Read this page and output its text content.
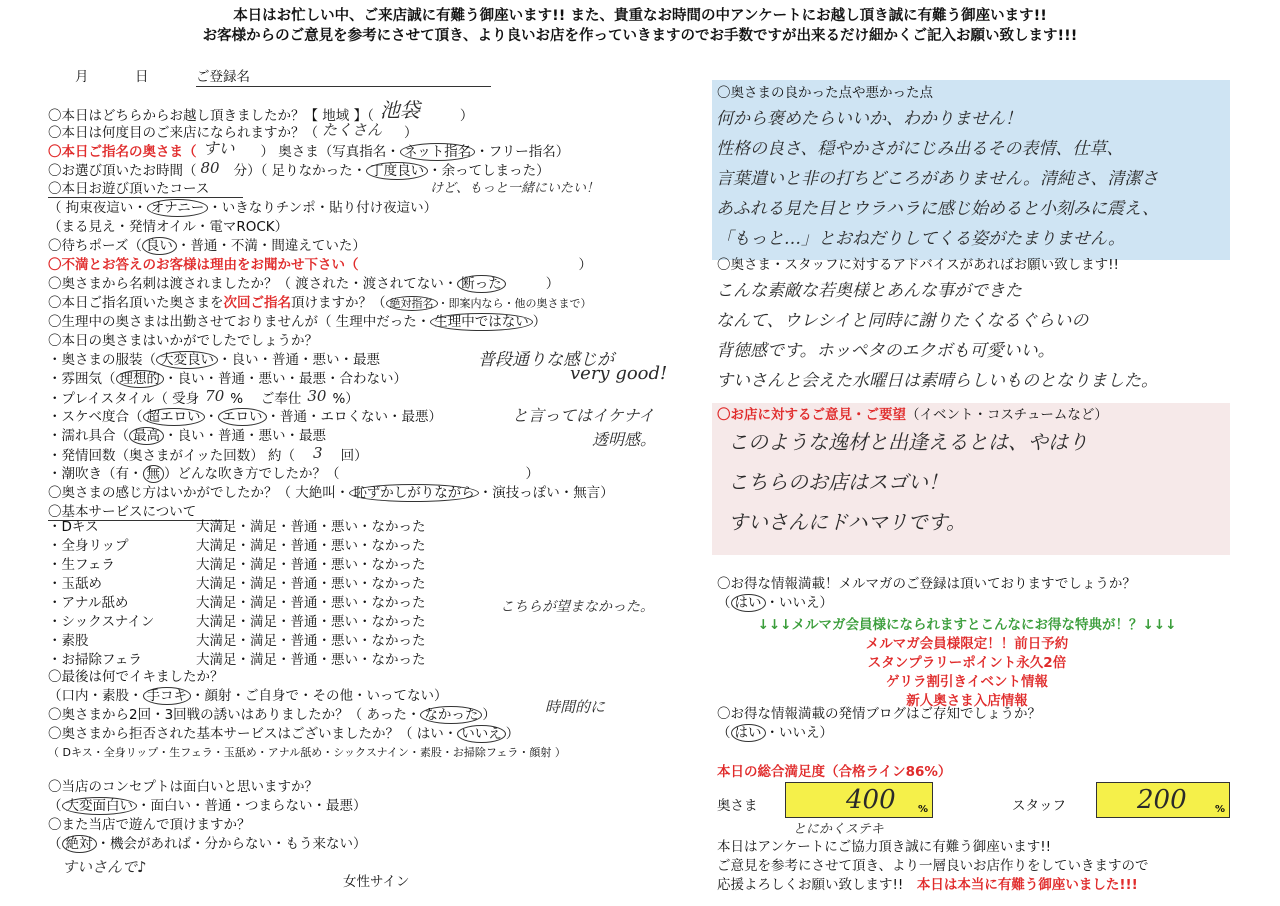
本日はお忙しい中、ご来店誠に有難う御座います!! また、貴重なお時間の中アンケートにお越し頂き誠に有難う御座います!!
お客様からのご意見を参考にさせて頂き、より良いお店を作っていきますのでお手数ですが出来るだけ細かくご記入お願い致します!!!
月	日	ご登録名
〇本日はどちらからお越し頂きましたか？【 地域 】（ 池袋	）
〇本日は何度目のご来店になられますか？（ たくさん ）
〇本日ご指名の奥さま（ すい ） 奥さま（写真指名・ ネット指名 ・フリー指名）
〇お選び頂いたお時間（ 80 分）（ 足りなかった・ 丁度良い ・余ってしまった）
けど、もっと一緒にいたい！
〇本日お遊び頂いたコース
（ 拘束夜這い・ オナニー ・いきなりチンポ・貼り付け夜這い）
（まる見え・発情オイル・電マROCK）
〇待ちポーズ（ 良い ・普通・不満・間違えていた）
〇不満とお答えのお客様は理由をお聞かせ下さい（	）
〇奥さまから名刺は渡されましたか？（ 渡された・渡されてない・ 断った	）
〇本日ご指名頂いた奥さまを次回ご指名頂けますか？（ 絶対指名 ・即案内なら・他の奥さまで）
〇生理中の奥さまは出勤させておりませんが（ 生理中だった・ 生理中ではない ）
〇本日の奥さまはいかがでしたでしょうか？
・奥さまの服装（ 大変良い ・良い・普通・悪い・最悪
・雰囲気（ 理想的 ・良い・普通・悪い・最悪・合わない）
・プレイスタイル（ 受身 70 %　 ご奉仕 30 %）
・スケベ度合（ 超エロい ・ エロい ・普通・エロくない・最悪）
・濡れ具合（ 最高 ・良い・普通・悪い・最悪
・発情回数（奥さまがイッた回数） 約（ 3 回）
・潮吹き（有・ 無 ）どんな吹き方でしたか？（	）
〇奥さまの感じ方はいかがでしたか？（ 大絶叫・ 恥ずかしがりながら ・演技っぽい・無言）
〇基本サービスについて
・Dキス	大満足・満足・普通・悪い・なかった
・全身リップ	大満足・満足・普通・悪い・なかった
・生フェラ	大満足・満足・普通・悪い・なかった
・玉舐め	大満足・満足・普通・悪い・なかった
・アナル舐め	大満足・満足・普通・悪い・なかった
・シックスナイン	大満足・満足・普通・悪い・なかった
・素股	大満足・満足・普通・悪い・なかった
・お掃除フェラ	大満足・満足・普通・悪い・なかった
普段通りな感じが
very good!
と言ってはイケナイ
透明感。
こちらが望まなかった。
〇最後は何でイキましたか？
（口内・素股・ 手コキ ・顔射・ご自身で・その他・いってない）
〇奥さまから2回・3回戦の誘いはありましたか？（ あった・ なかった ）	時間的に
〇奥さまから拒否された基本サービスはございましたか？（ はい・ いいえ ）
（ Dキス・全身リップ・生フェラ・玉舐め・アナル舐め・シックスナイン・素股・お掃除フェラ・顔射 ）
〇当店のコンセプトは面白いと思いますか？
（ 大変面白い ・面白い・普通・つまらない・最悪）
〇また当店で遊んで頂けますか？
（ 絶対 ・機会があれば・分からない・もう来ない）
すいさんで♪
女性サイン
〇奥さまの良かった点や悪かった点
何から褒めたらいいか、わかりません！
性格の良さ、穏やかさがにじみ出るその表情、仕草、
言葉遣いと非の打ちどころがありません。清純さ、清潔さ
あふれる見た目とウラハラに感じ始めると小刻みに震え、
「もっと…」とおねだりしてくる姿がたまりません。
〇奥さま・スタッフに対するアドバイスがあればお願い致します!!
こんな素敵な若奥様とあんな事ができた
なんて、ウレシイと同時に謝りたくなるぐらいの
背徳感です。ホッペタのエクボも可愛いい。
すいさんと会えた水曜日は素晴らしいものとなりました。
〇お店に対するご意見・ご要望（イベント・コスチュームなど）
このような逸材と出逢えるとは、やはり
こちらのお店はスゴい！
すいさんにドハマリです。
〇お得な情報満載！メルマガのご登録は頂いておりますでしょうか？
（ はい ・いいえ）
↓↓↓メルマガ会員様になられますとこんなにお得な特典が！？↓↓↓
メルマガ会員様限定！！前日予約
スタンプラリーポイント永久2倍
ゲリラ割引きイベント情報
新人奥さま入店情報
〇お得な情報満載の発情ブログはご存知でしょうか？
（ はい ・いいえ）
本日の総合満足度（合格ライン86%）
奥さま	400 %
とにかくステキ
スタッフ	200	%
本日はアンケートにご協力頂き誠に有難う御座います!!
ご意見を参考にさせて頂き、より一層良いお店作りをしていきますので
応援よろしくお願い致します!!　 本日は本当に有難う御座いました!!!
